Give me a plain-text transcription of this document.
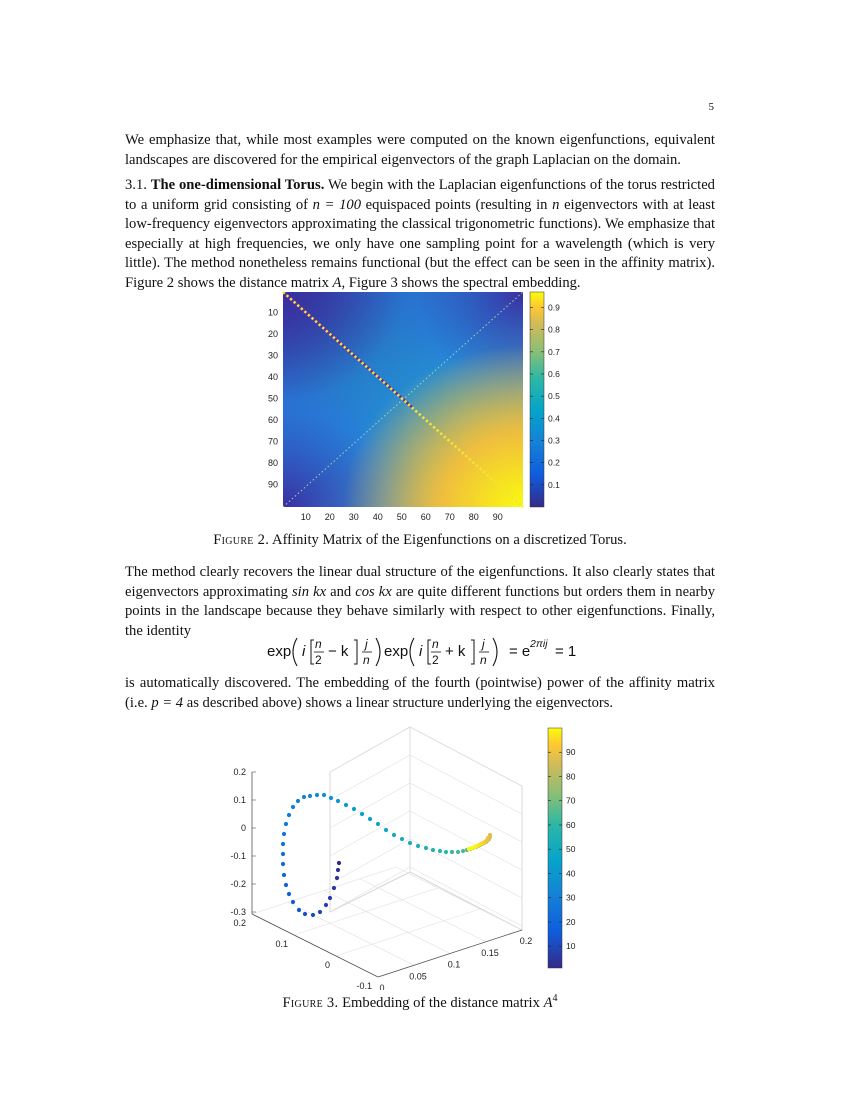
5
We emphasize that, while most examples were computed on the known eigenfunctions, equivalent landscapes are discovered for the empirical eigenvectors of the graph Laplacian on the domain.
3.1. The one-dimensional Torus. We begin with the Laplacian eigenfunctions of the torus restricted to a uniform grid consisting of n = 100 equispaced points (resulting in n eigenvectors with at least low-frequency eigenvectors approximating the classical trigonometric functions). We emphasize that especially at high frequencies, we only have one sampling point for a wavelength (which is very little). The method nonetheless remains functional (but the effect can be seen in the affinity matrix). Figure 2 shows the distance matrix A, Figure 3 shows the spectral embedding.
10
20
30
40
50
60
70
80
90
10 20 30 40 50 60 70 80 90
0.9
0.8
0.7
0.6
0.5
0.4
0.3
0.2
0.1
Figure 2. Affinity Matrix of the Eigenfunctions on a discretized Torus.
The method clearly recovers the linear dual structure of the eigenfunctions. It also clearly states that eigenvectors approximating sin kx and cos kx are quite different functions but orders them in nearby points in the landscape because they behave similarly with respect to other eigenfunctions. Finally, the identity
exp i n
2 − k j
n exp i n
2 + k j
n = e 2πij = 1
is automatically discovered. The embedding of the fourth (pointwise) power of the affinity matrix (i.e. p = 4 as described above) shows a linear structure underlying the eigenvectors.
0.2
0.1
0
-0.1
-0.2
-0.3
0.2
0.1
0
-0.1 0
0.05
0.1
0.15
0.2
90
80
70
60
50
40
30
20
10
Figure 3. Embedding of the distance matrix $A^4$
